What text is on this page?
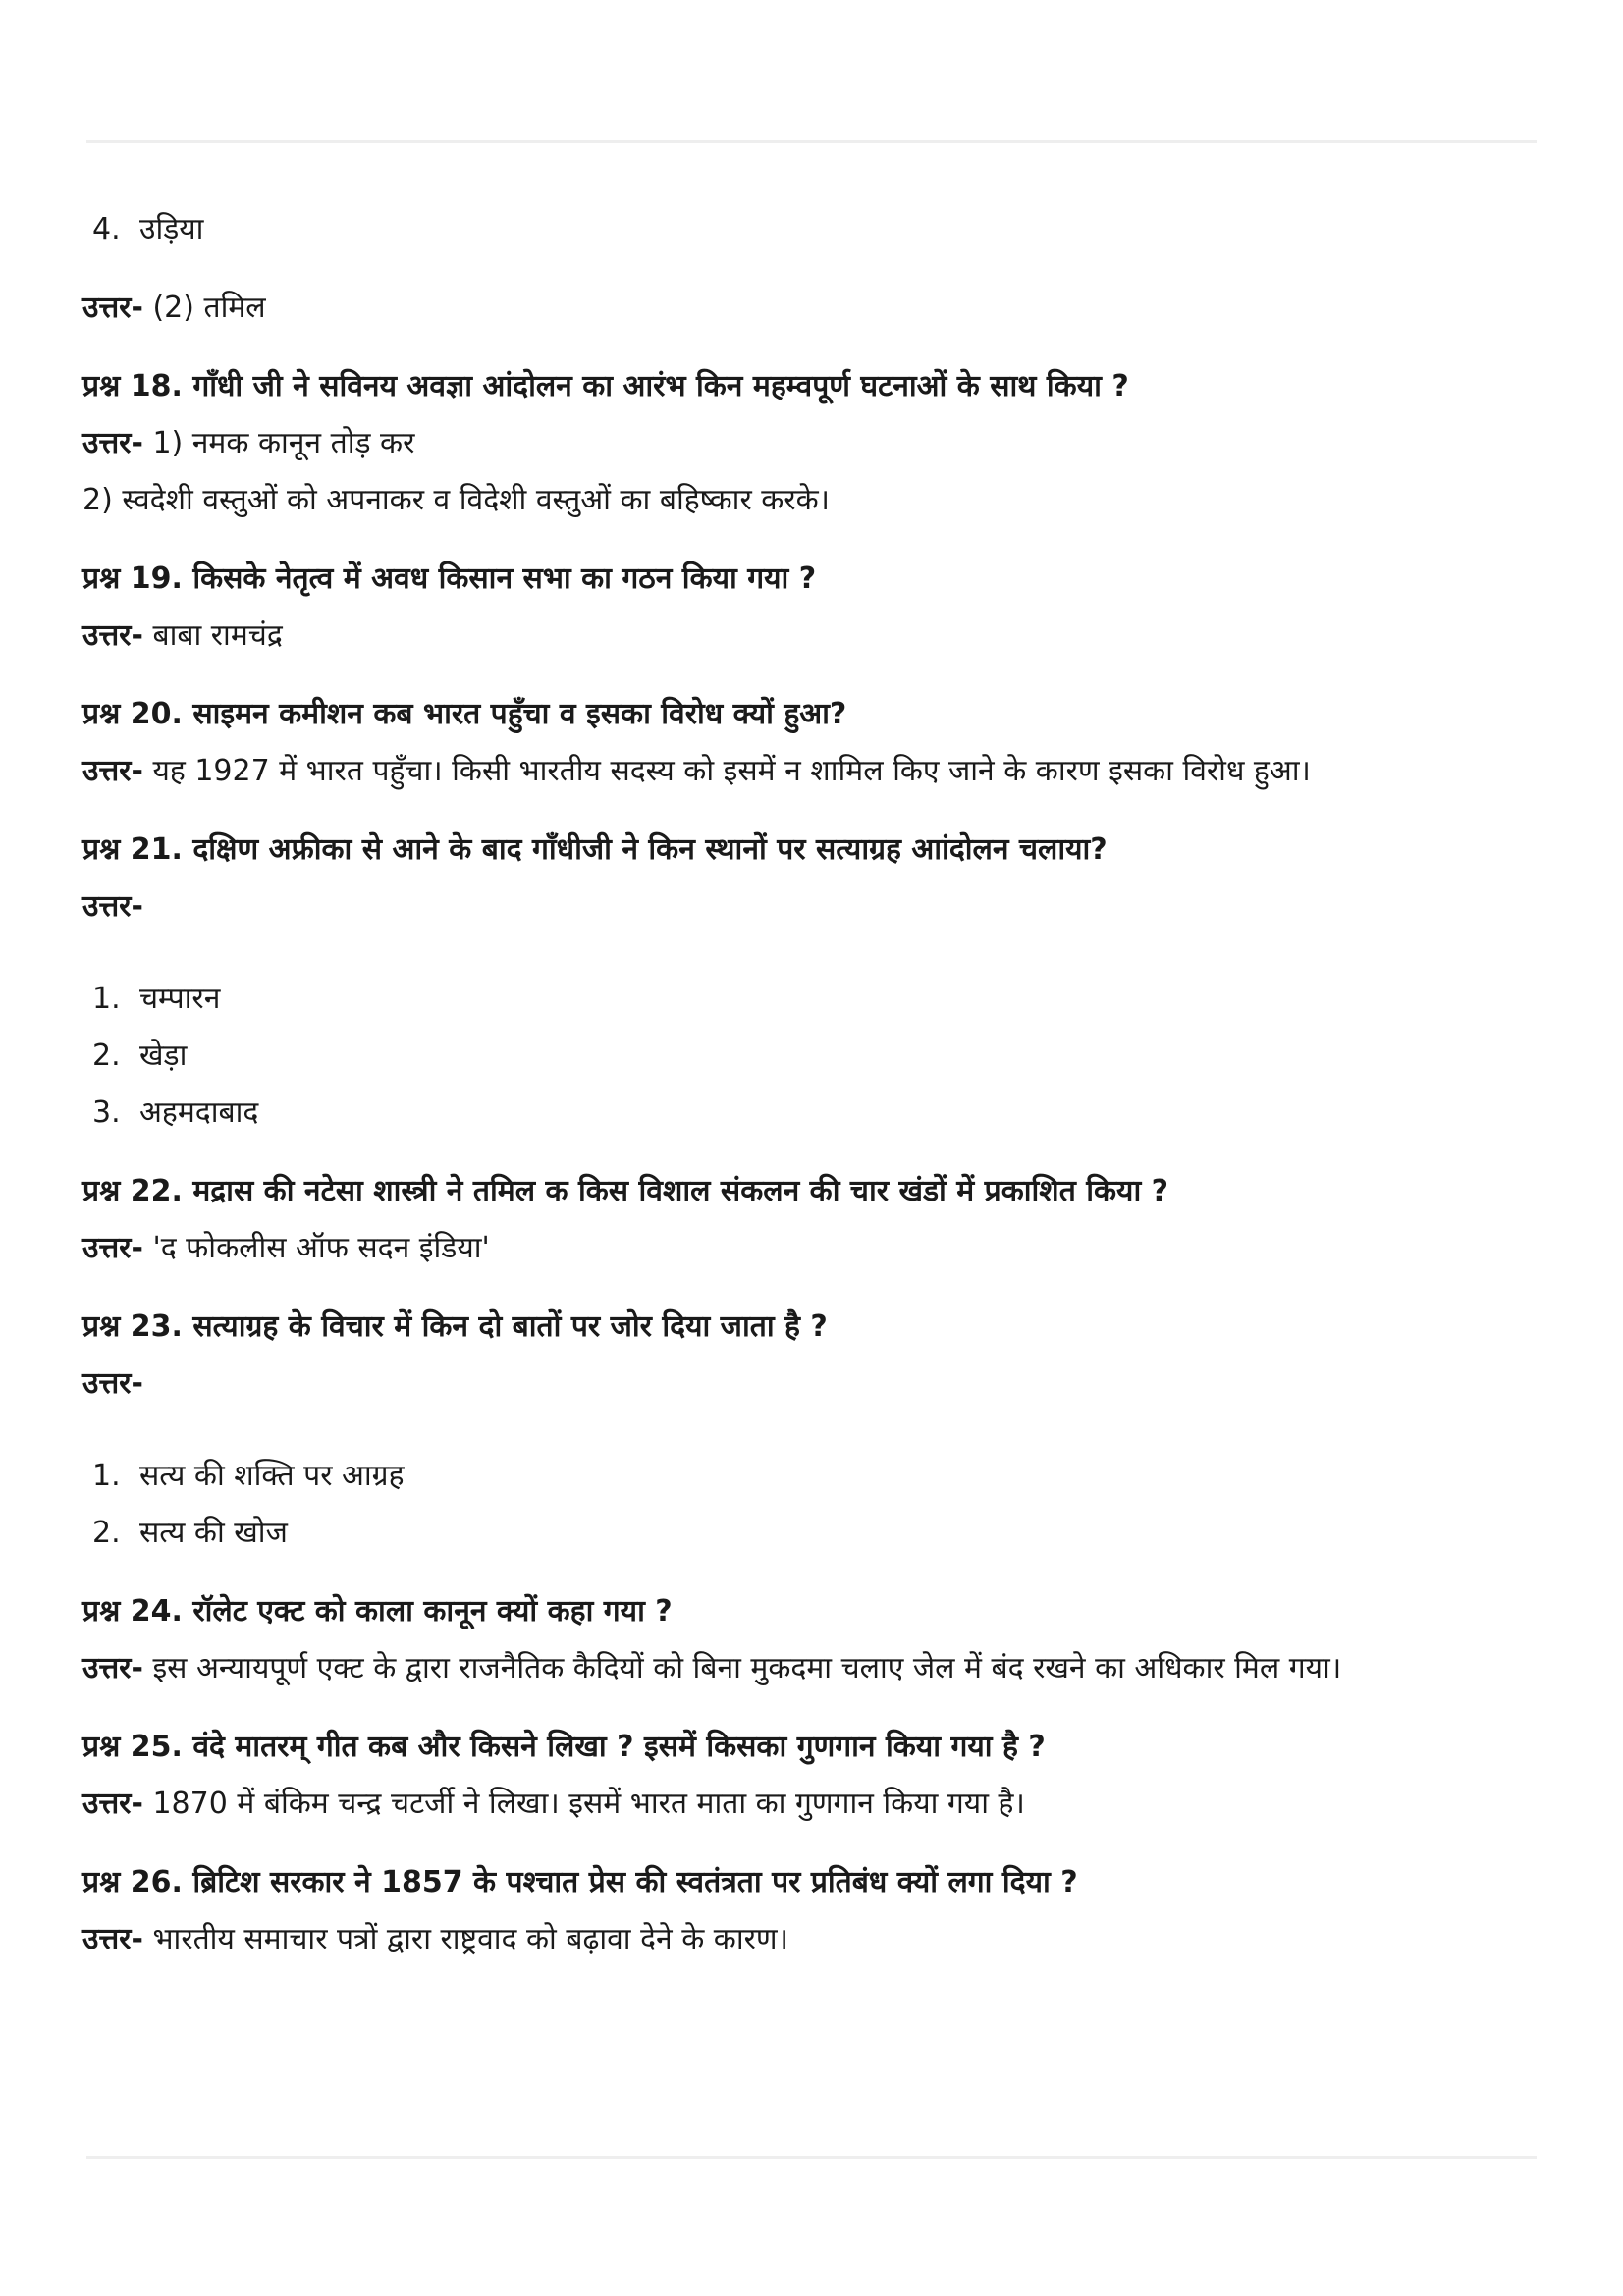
4. उड़िया

उत्तर- (2) तमिल

प्रश्न 18. गाँधी जी ने सविनय अवज्ञा आंदोलन का आरंभ किन महम्वपूर्ण घटनाओं के साथ किया ?

उत्तर- 1) नमक कानून तोड़ कर

2) स्वदेशी वस्तुओं को अपनाकर व विदेशी वस्तुओं का बहिष्कार करके।

प्रश्न 19. किसके नेतृत्व में अवध किसान सभा का गठन किया गया ?

उत्तर- बाबा रामचंद्र

प्रश्न 20. साइमन कमीशन कब भारत पहुँचा व इसका विरोध क्यों हुआ?

उत्तर- यह 1927 में भारत पहुँचा। किसी भारतीय सदस्य को इसमें न शामिल किए जाने के कारण इसका विरोध हुआ।

प्रश्न 21. दक्षिण अफ्रीका से आने के बाद गाँधीजी ने किन स्थानों पर सत्याग्रह आांदोलन चलाया?

उत्तर-

1. चम्पारन
2. खेड़ा
3. अहमदाबाद

प्रश्न 22. मद्रास की नटेसा शास्त्री ने तमिल क किस विशाल संकलन की चार खंडों में प्रकाशित किया ?

उत्तर- 'द फोकलीस ऑफ सदन इंडिया'

प्रश्न 23. सत्याग्रह के विचार में किन दो बातों पर जोर दिया जाता है ?

उत्तर-

1. सत्य की शक्ति पर आग्रह
2. सत्य की खोज

प्रश्न 24. रॉलेट एक्ट को काला कानून क्यों कहा गया ?

उत्तर- इस अन्यायपूर्ण एक्ट के द्वारा राजनैतिक कैदियों को बिना मुकदमा चलाए जेल में बंद रखने का अधिकार मिल गया।

प्रश्न 25. वंदे मातरम् गीत कब और किसने लिखा ? इसमें किसका गुणगान किया गया है ?

उत्तर- 1870 में बंकिम चन्द्र चटर्जी ने लिखा। इसमें भारत माता का गुणगान किया गया है।

प्रश्न 26. ब्रिटिश सरकार ने 1857 के पश्चात प्रेस की स्वतंत्रता पर प्रतिबंध क्यों लगा दिया ?

उत्तर- भारतीय समाचार पत्रों द्वारा राष्ट्रवाद को बढ़ावा देने के कारण।
